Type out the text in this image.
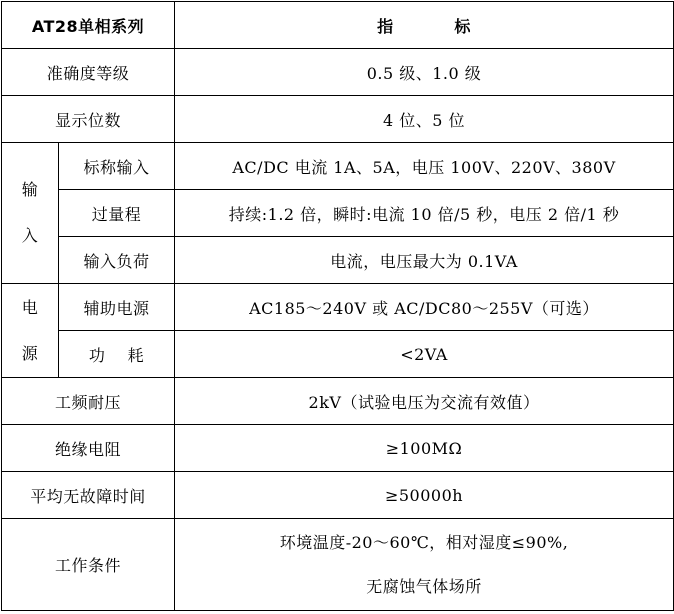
AT28单相系列		指          标
准确度等级		0.5 级、1.0 级
显示位数		4 位、5 位

输
入	标称输入	AC/DC 电流 1A、5A，电压 100V、220V、380V
	过量程	持续:1.2 倍，瞬时:电流 10 倍/5 秒，电压 2 倍/1 秒
	输入负荷	电流，电压最大为 0.1VA

电
源	辅助电源	AC185～240V 或 AC/DC80～255V（可选）
	功    耗	<2VA
工频耐压		2kV（试验电压为交流有效值）
绝缘电阻		≥100MΩ
平均无故障时间		≥50000h
工作条件		环境温度-20～60℃，相对湿度≤90%,
无腐蚀气体场所
